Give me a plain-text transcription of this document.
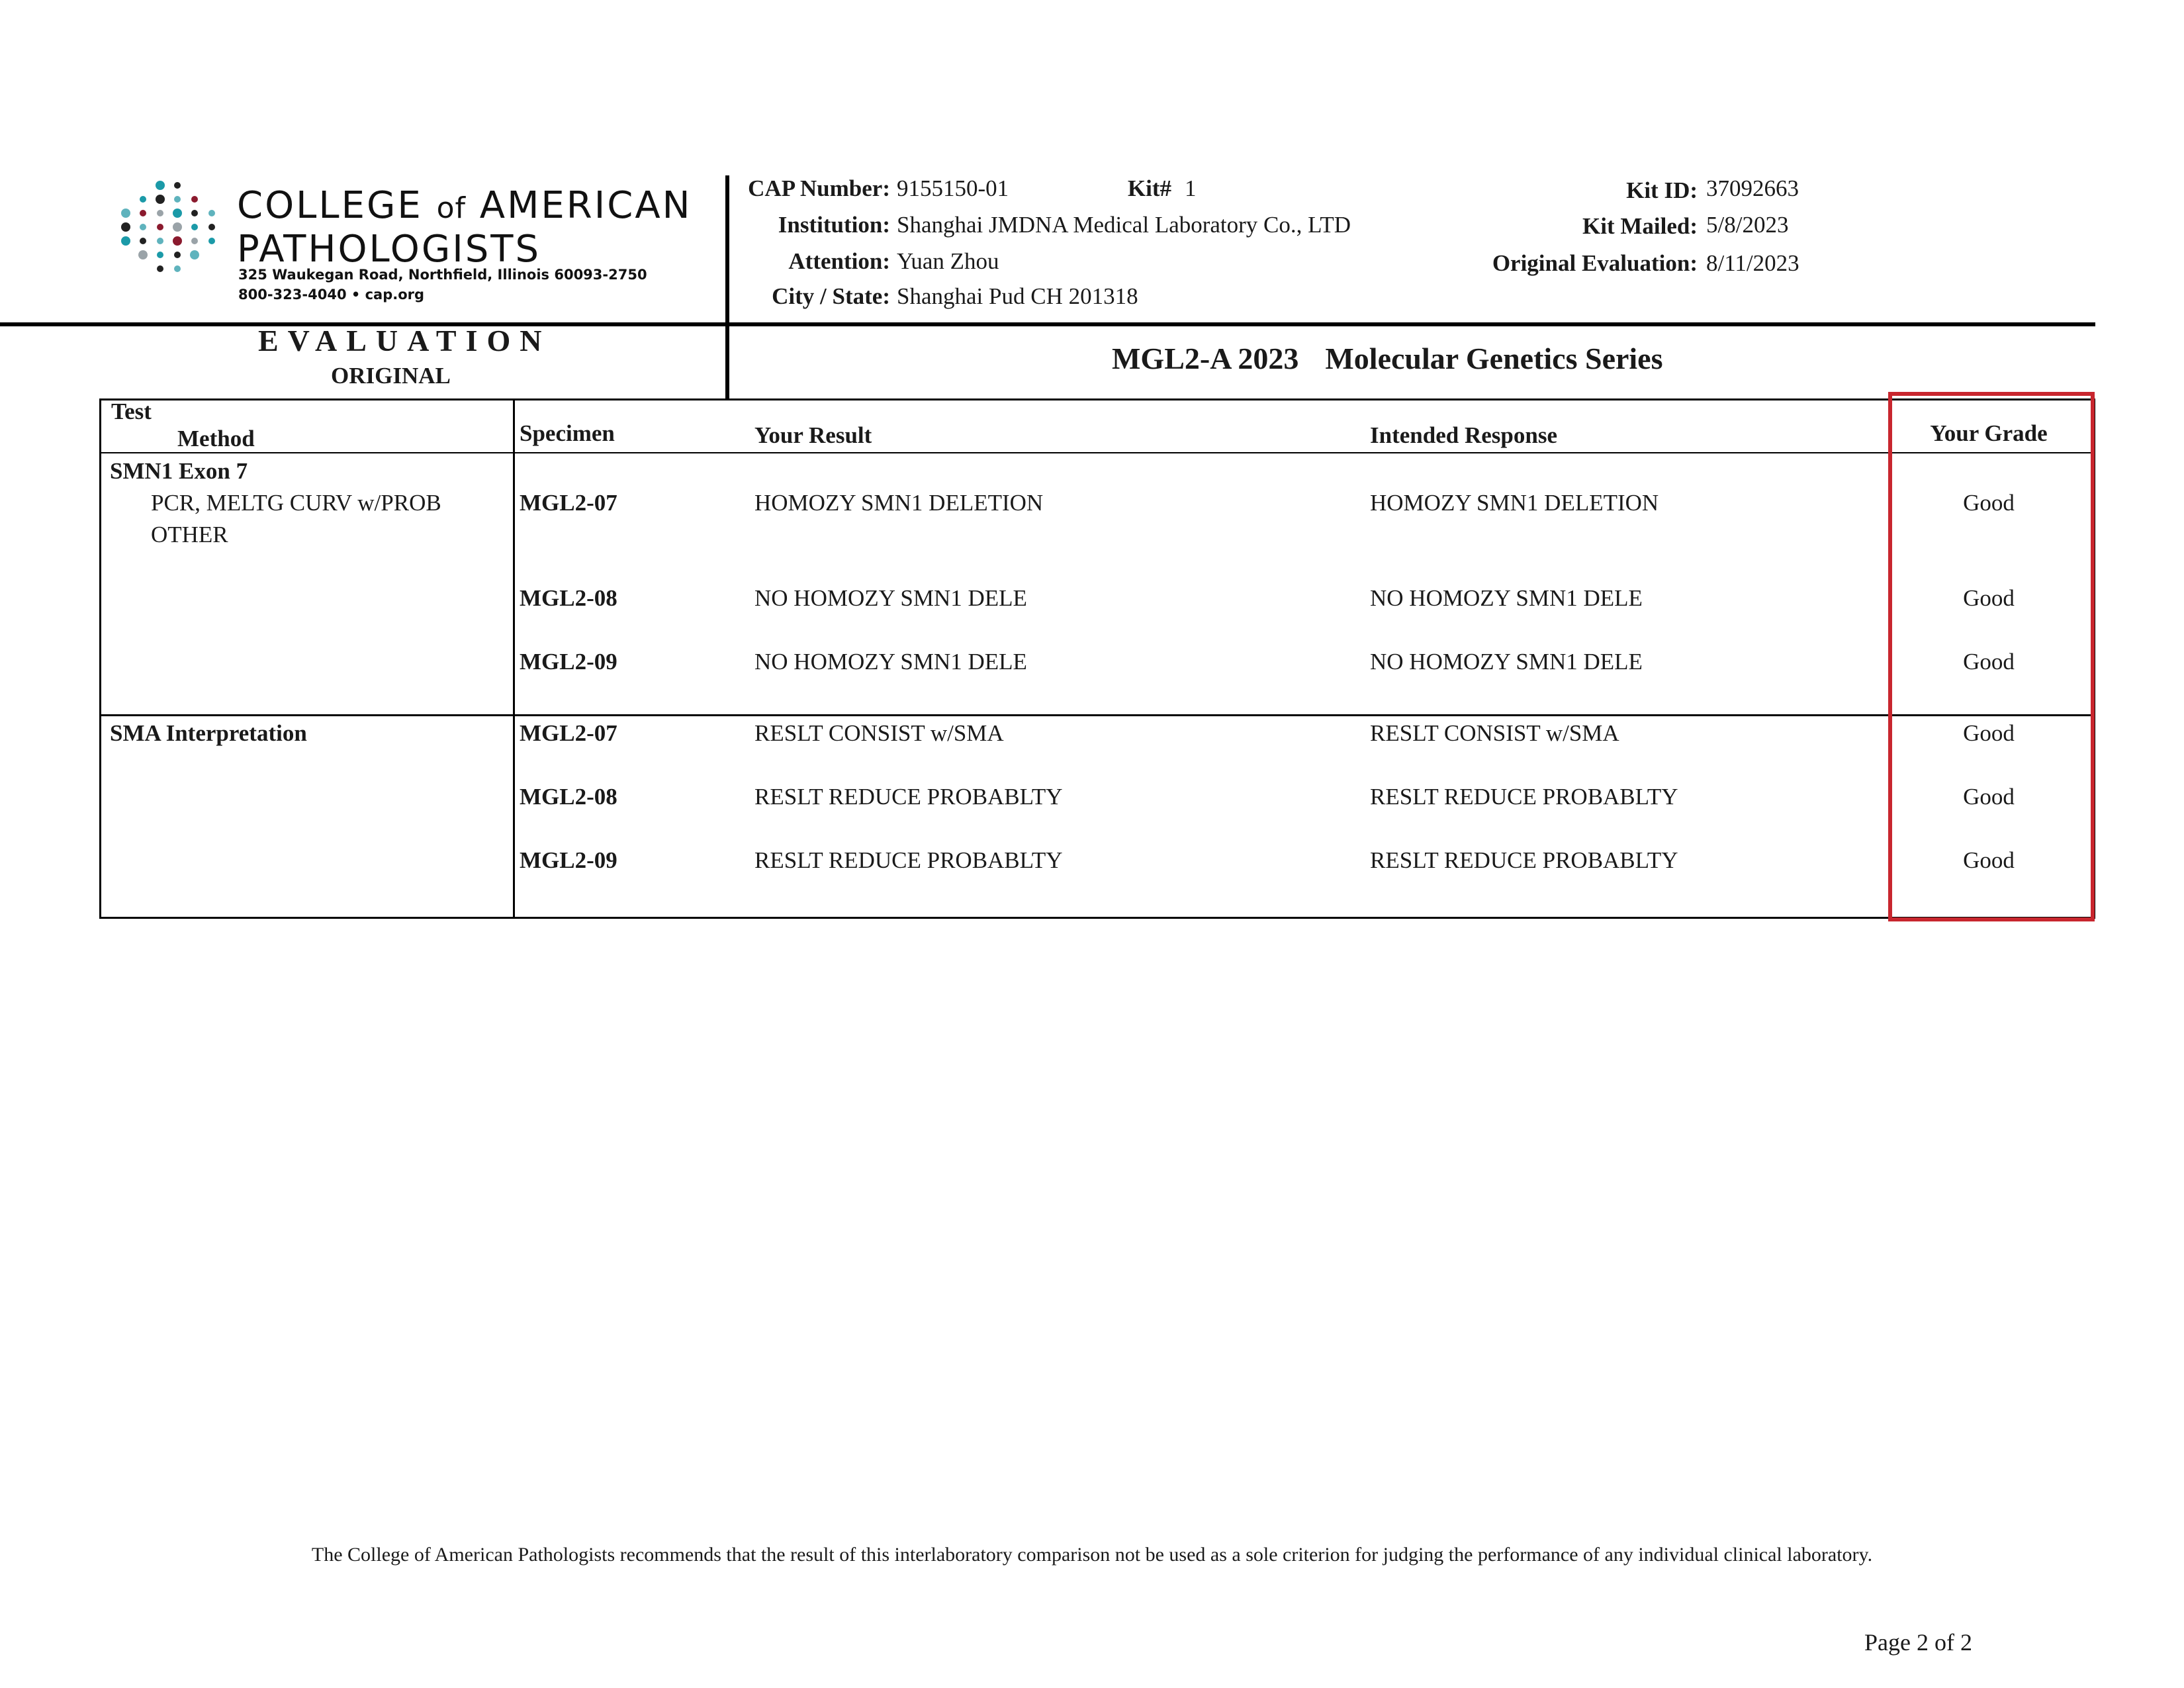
COLLEGE of AMERICAN
PATHOLOGISTS
325 Waukegan Road, Northfield, Illinois 60093-2750
800-323-4040 • cap.org
CAP Number: 9155150-01	Kit# 1
Institution: Shanghai JMDNA Medical Laboratory Co., LTD
Attention: Yuan Zhou
City / State: Shanghai Pud CH 201318
Kit ID: 37092663
Kit Mailed: 5/8/2023
Original Evaluation: 8/11/2023
EVALUATION
ORIGINAL
MGL2-A 2023 Molecular Genetics Series
Test
Method	Specimen	Your Result	Intended Response	Your Grade
SMN1 Exon 7
PCR, MELTG CURV w/PROB
OTHER
MGL2-07	HOMOZY SMN1 DELETION	HOMOZY SMN1 DELETION	Good
MGL2-08	NO HOMOZY SMN1 DELE	NO HOMOZY SMN1 DELE	Good
MGL2-09	NO HOMOZY SMN1 DELE	NO HOMOZY SMN1 DELE	Good
SMA Interpretation	MGL2-07	RESLT CONSIST w/SMA	RESLT CONSIST w/SMA	Good
MGL2-08	RESLT REDUCE PROBABLTY	RESLT REDUCE PROBABLTY	Good
MGL2-09	RESLT REDUCE PROBABLTY	RESLT REDUCE PROBABLTY	Good
The College of American Pathologists recommends that the result of this interlaboratory comparison not be used as a sole criterion for judging the performance of any individual clinical laboratory.
Page 2 of 2
